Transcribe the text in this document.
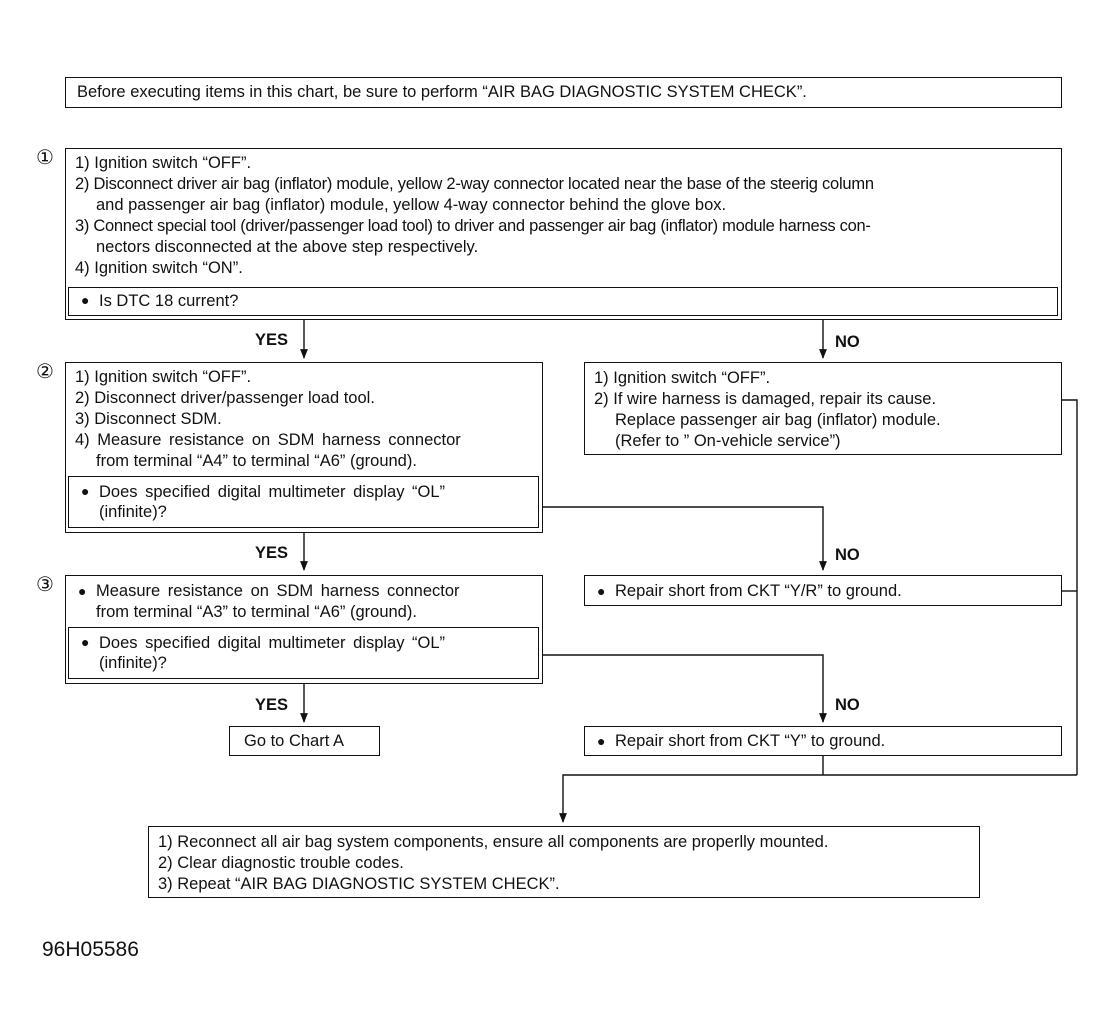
Before executing items in this chart, be sure to perform “AIR BAG DIAGNOSTIC SYSTEM CHECK”.
① 1) Ignition switch “OFF”.
2) Disconnect driver air bag (inflator) module, yellow 2-way connector located near the base of the steerig column
and passenger air bag (inflator) module, yellow 4-way connector behind the glove box.
3) Connect special tool (driver/passenger load tool) to driver and passenger air bag (inflator) module harness con-
nectors disconnected at the above step respectively.
4) Ignition switch “ON”.
● Is DTC 18 current?
YES	NO
② 1) Ignition switch “OFF”.
2) Disconnect driver/passenger load tool.
3) Disconnect SDM.
4) Measure resistance on SDM harness connector
from terminal “A4” to terminal “A6” (ground).
● Does specified digital multimeter display “OL”
(infinite)?
1) Ignition switch “OFF”.
2) If wire harness is damaged, repair its cause.
Replace passenger air bag (inflator) module.
(Refer to ” On-vehicle service”)
YES	NO
③ ● Measure resistance on SDM harness connector
from terminal “A3” to terminal “A6” (ground).
● Does specified digital multimeter display “OL”
(infinite)?
● Repair short from CKT “Y/R” to ground.
YES	NO
Go to Chart A	● Repair short from CKT “Y” to ground.
1) Reconnect all air bag system components, ensure all components are properlly mounted.
2) Clear diagnostic trouble codes.
3) Repeat “AIR BAG DIAGNOSTIC SYSTEM CHECK”.
96H05586
